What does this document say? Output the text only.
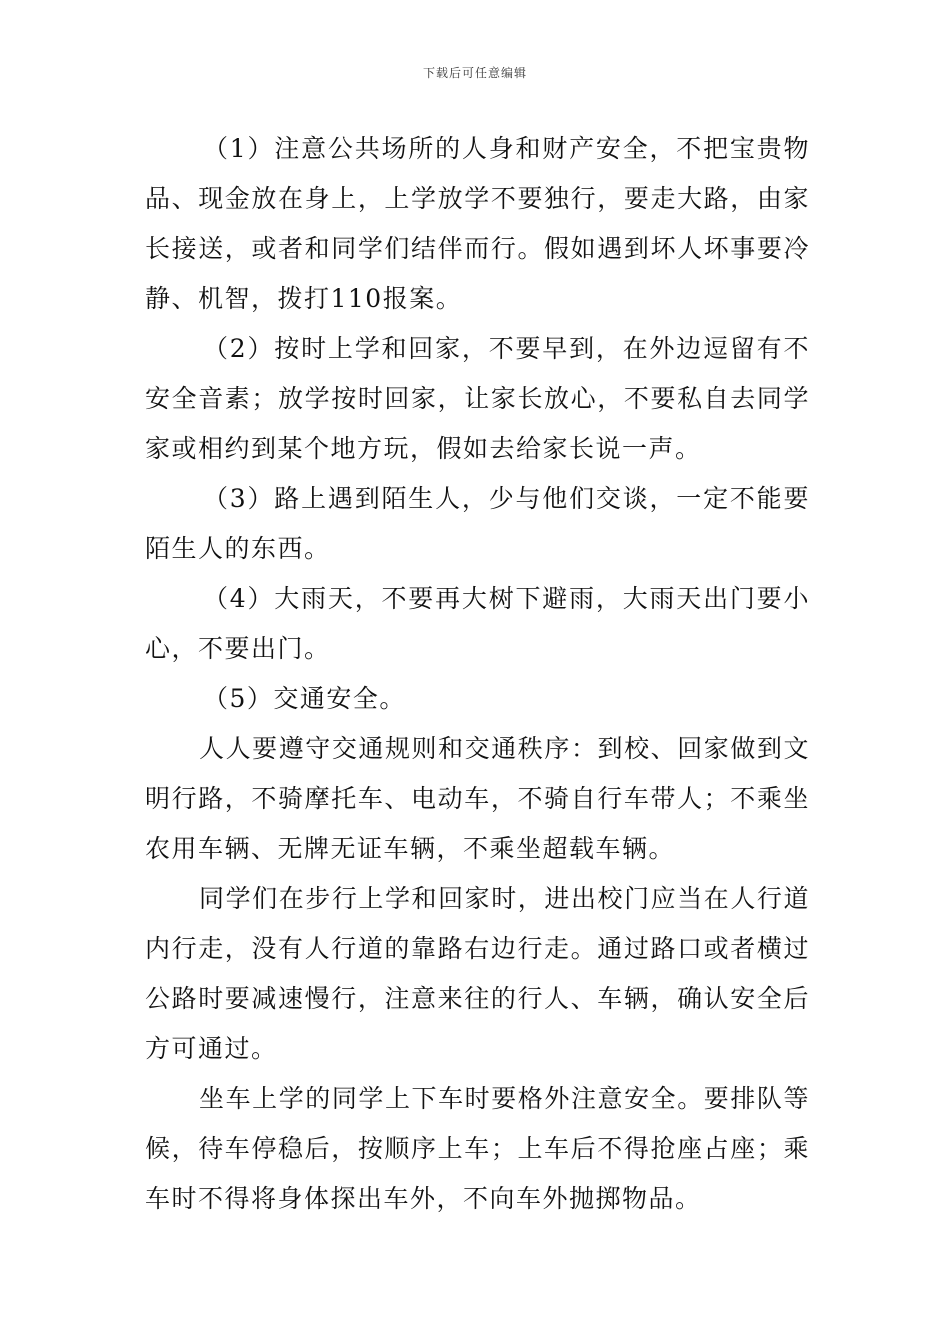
下载后可任意编辑

（1）注意公共场所的人身和财产安全，不把宝贵物品、现金放在身上，上学放学不要独行，要走大路，由家长接送，或者和同学们结伴而行。假如遇到坏人坏事要冷静、机智，拨打110报案。

（2）按时上学和回家，不要早到，在外边逗留有不安全音素；放学按时回家，让家长放心，不要私自去同学家或相约到某个地方玩，假如去给家长说一声。

（3）路上遇到陌生人，少与他们交谈，一定不能要陌生人的东西。

（4）大雨天，不要再大树下避雨，大雨天出门要小心，不要出门。

（5）交通安全。

人人要遵守交通规则和交通秩序：到校、回家做到文明行路，不骑摩托车、电动车，不骑自行车带人；不乘坐农用车辆、无牌无证车辆，不乘坐超载车辆。

同学们在步行上学和回家时，进出校门应当在人行道内行走，没有人行道的靠路右边行走。通过路口或者横过公路时要减速慢行，注意来往的行人、车辆，确认安全后方可通过。

坐车上学的同学上下车时要格外注意安全。要排队等候，待车停稳后，按顺序上车；上车后不得抢座占座；乘车时不得将身体探出车外，不向车外抛掷物品。
